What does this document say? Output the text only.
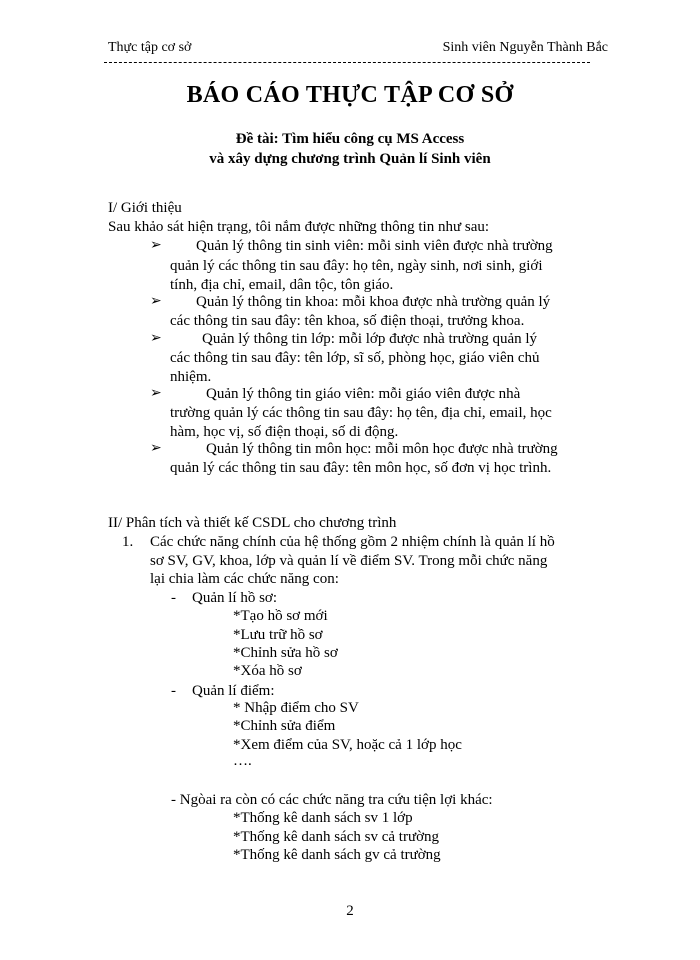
Thực tập cơ sở	Sinh viên Nguyễn Thành Bắc
BÁO CÁO THỰC TẬP CƠ SỞ
Đề tài: Tìm hiểu công cụ MS Access
và xây dựng chương trình Quản lí Sinh viên
I/ Giới thiệu
Sau khảo sát hiện trạng, tôi nắm được những thông tin như sau:
➢ Quản lý thông tin sinh viên: mỗi sinh viên được nhà trường
quản lý các thông tin sau đây: họ tên, ngày sinh, nơi sinh, giới
tính, địa chỉ, email, dân tộc, tôn giáo.
➢ Quản lý thông tin khoa: mỗi khoa được nhà trường quản lý
các thông tin sau đây: tên khoa, số điện thoại, trưởng khoa.
➢	Quản lý thông tin lớp: mỗi lớp được nhà trường quản lý
các thông tin sau đây: tên lớp, sĩ số, phòng học, giáo viên chủ
nhiệm.
➢	Quản lý thông tin giáo viên: mỗi giáo viên được nhà
trường quản lý các thông tin sau đây: họ tên, địa chỉ, email, học
hàm, học vị, số điện thoại, số di động.
➢	Quản lý thông tin môn học: mỗi môn học được nhà trường
quản lý các thông tin sau đây: tên môn học, số đơn vị học trình.
II/ Phân tích và thiết kế CSDL cho chương trình
1. Các chức năng chính của hệ thống gồm 2 nhiệm chính là quản lí hồ
sơ SV, GV, khoa, lớp và quản lí về điểm SV. Trong mỗi chức năng
lại chia làm các chức năng con:
- Quản lí hồ sơ:
*Tạo hồ sơ mới
*Lưu trữ hồ sơ
*Chỉnh sửa hồ sơ
*Xóa hồ sơ
- Quản lí điểm:
* Nhập điểm cho SV
*Chỉnh sửa điểm
*Xem điểm của SV, hoặc cả 1 lớp học
….
- Ngòai ra còn có các chức năng tra cứu tiện lợi khác:
*Thống kê danh sách sv 1 lớp
*Thống kê danh sách sv cả trường
*Thống kê danh sách gv cả trường
2
